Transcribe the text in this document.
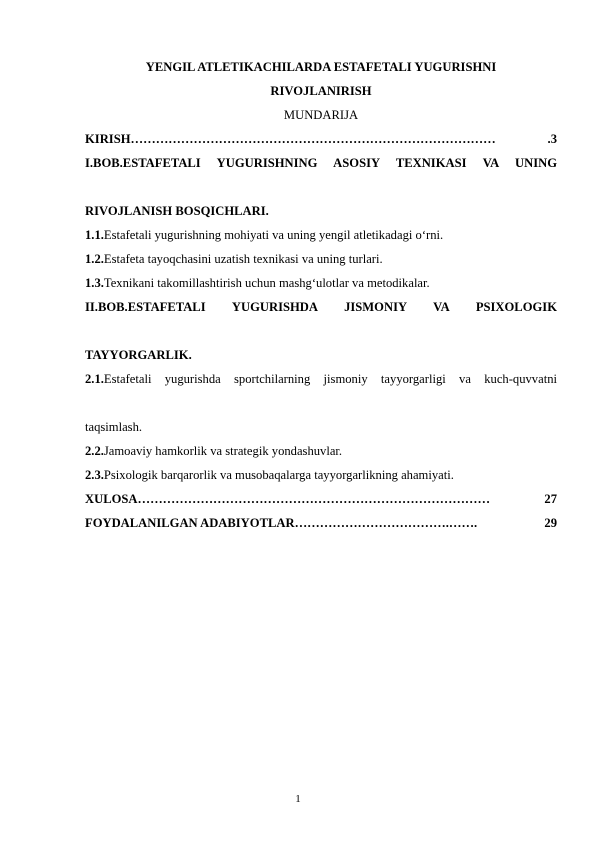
YENGIL ATLETIKACHILARDA ESTAFETALI YUGURISHNI
RIVOJLANIRISH
MUNDARIJA
KIRISH ……………………………………………………………………………	.3
I.BOB.ESTAFETALI YUGURISHNING ASOSIY TEXNIKASI VA UNING
RIVOJLANISH BOSQICHLARI.
1.1.Estafetali yugurishning mohiyati va uning yengil atletikadagi o‘rni.
1.2.Estafeta tayoqchasini uzatish texnikasi va uning turlari.
1.3.Texnikani takomillashtirish uchun mashg‘ulotlar va metodikalar.
II.BOB.ESTAFETALI YUGURISHDA JISMONIY VA PSIXOLOGIK
TAYYORGARLIK.
2.1.Estafetali yugurishda sportchilarning jismoniy tayyorgarligi va kuch-quvvatni
taqsimlash.
2.2.Jamoaviy hamkorlik va strategik yondashuvlar.
2.3.Psixologik barqarorlik va musobaqalarga tayyorgarlikning ahamiyati.
XULOSA …………………………………………………………………………	27
FOYDALANILGAN ADABIYOTLAR ……………………………….…….	29
1
